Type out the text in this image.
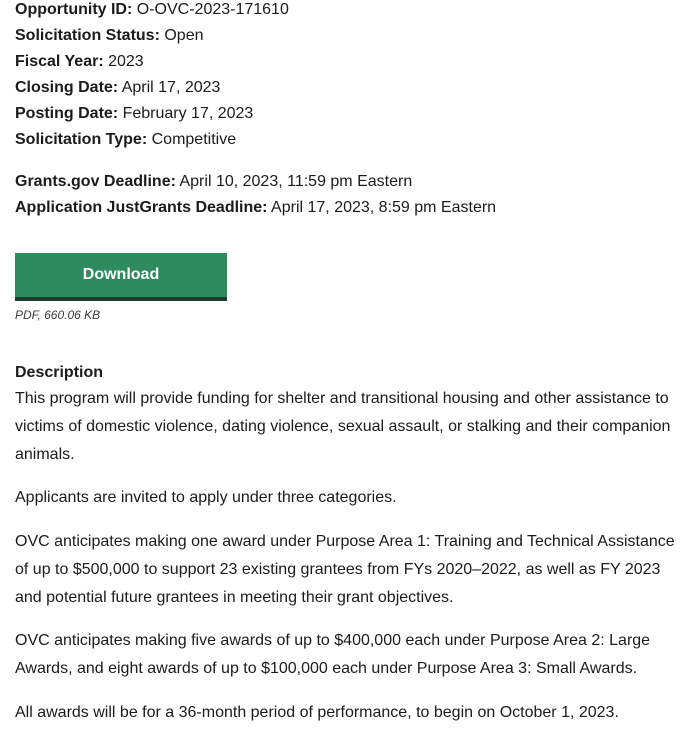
Opportunity ID: O-OVC-2023-171610
Solicitation Status: Open
Fiscal Year: 2023
Closing Date: April 17, 2023
Posting Date: February 17, 2023
Solicitation Type: Competitive
Grants.gov Deadline: April 10, 2023, 11:59 pm Eastern
Application JustGrants Deadline: April 17, 2023, 8:59 pm Eastern
Download
PDF, 660.06 KB
Description

This program will provide funding for shelter and transitional housing and other assistance to victims of domestic violence, dating violence, sexual assault, or stalking and their companion animals.

Applicants are invited to apply under three categories.

OVC anticipates making one award under Purpose Area 1: Training and Technical Assistance of up to $500,000 to support 23 existing grantees from FYs 2020–2022, as well as FY 2023 and potential future grantees in meeting their grant objectives.

OVC anticipates making five awards of up to $400,000 each under Purpose Area 2: Large Awards, and eight awards of up to $100,000 each under Purpose Area 3: Small Awards.

All awards will be for a 36-month period of performance, to begin on October 1, 2023.
